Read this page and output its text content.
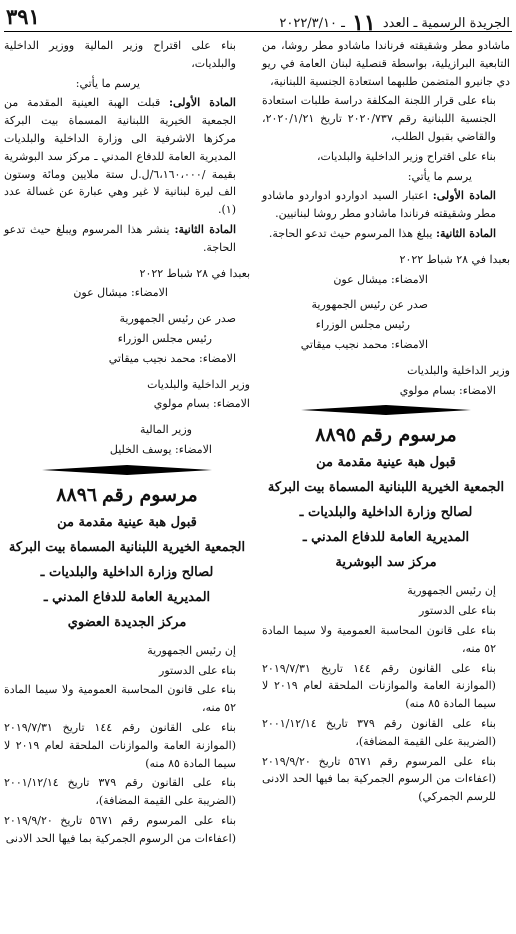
الجريدة الرسمية ـ العدد ١١ ـ ٢٠٢٢/٣/١٠
٣٩١

ماشادو مطر وشقيقته فرناندا ماشادو مطر روشا، من التابعية البرازيلية، بواسطة قنصلية لبنان العامة في ريو دي جانيرو المتضمن طلبهما استعادة الجنسية اللبنانية،

بناء على قرار اللجنة المكلفة دراسة طلبات استعادة الجنسية اللبنانية رقم ٢٠٢٠/٧٣٧ تاريخ ٢٠٢٠/١/٢١، والقاضي بقبول الطلب،

بناء على اقتراح وزير الداخلية والبلديات،

يرسم ما يأتي:

المادة الأولى: اعتبار السيد ادواردو ادواردو ماشادو مطر وشقيقته فرناندا ماشادو مطر روشا لبنانيين.

المادة الثانية: يبلغ هذا المرسوم حيث تدعو الحاجة.

بعبدا في ٢٨ شباط ٢٠٢٢

الامضاء: ميشال عون

صدر عن رئيس الجمهورية

رئيس مجلس الوزراء

الامضاء: محمد نجيب ميقاتي

وزير الداخلية والبلديات

الامضاء: بسام مولوي

مرسوم رقم ٨٨٩٥

قبول هبة عينية مقدمة من

الجمعية الخيرية اللبنانية المسماة بيت البركة

لصالح وزارة الداخلية والبلديات ـ

المديرية العامة للدفاع المدني ـ

مركز سد البوشرية

إن رئيس الجمهورية

بناء على الدستور

بناء على قانون المحاسبة العمومية ولا سيما المادة ٥٢ منه،

بناء على القانون رقم ١٤٤ تاريخ ٢٠١٩/٧/٣١ (الموازنة العامة والموازنات الملحقة لعام ٢٠١٩ لا سيما المادة ٨٥ منه)

بناء على القانون رقم ٣٧٩ تاريخ ٢٠٠١/١٢/١٤ (الضريبة على القيمة المضافة)،

بناء على المرسوم رقم ٥٦٧١ تاريخ ٢٠١٩/٩/٢٠ (اعفاءات من الرسوم الجمركية بما فيها الحد الادنى للرسم الجمركي)

بناء على اقتراح وزير المالية ووزير الداخلية والبلديات،

يرسم ما يأتي:

المادة الأولى: قبلت الهبة العينية المقدمة من الجمعية الخيرية اللبنانية المسماة بيت البركة مركزها الاشرفية الى وزارة الداخلية والبلديات المديرية العامة للدفاع المدني ـ مركز سد البوشرية بقيمة /٦،١٦٠،٠٠٠/ل.ل ستة ملايين ومائة وستون الف ليرة لبنانية لا غير وهي عبارة عن غسالة عدد (١).

المادة الثانية: ينشر هذا المرسوم ويبلغ حيث تدعو الحاجة.

بعبدا في ٢٨ شباط ٢٠٢٢

الامضاء: ميشال عون

صدر عن رئيس الجمهورية

رئيس مجلس الوزراء

الامضاء: محمد نجيب ميقاتي

وزير الداخلية والبلديات

الامضاء: بسام مولوي

وزير المالية

الامضاء: يوسف الخليل

مرسوم رقم ٨٨٩٦

قبول هبة عينية مقدمة من

الجمعية الخيرية اللبنانية المسماة بيت البركة

لصالح وزارة الداخلية والبلديات ـ

المديرية العامة للدفاع المدني ـ

مركز الجديدة العضوي

إن رئيس الجمهورية

بناء على الدستور

بناء على قانون المحاسبة العمومية ولا سيما المادة ٥٢ منه،

بناء على القانون رقم ١٤٤ تاريخ ٢٠١٩/٧/٣١ (الموازنة العامة والموازنات الملحقة لعام ٢٠١٩ لا سيما المادة ٨٥ منه)

بناء على القانون رقم ٣٧٩ تاريخ ٢٠٠١/١٢/١٤ (الضريبة على القيمة المضافة)،

بناء على المرسوم رقم ٥٦٧١ تاريخ ٢٠١٩/٩/٢٠ (اعفاءات من الرسوم الجمركية بما فيها الحد الادنى
